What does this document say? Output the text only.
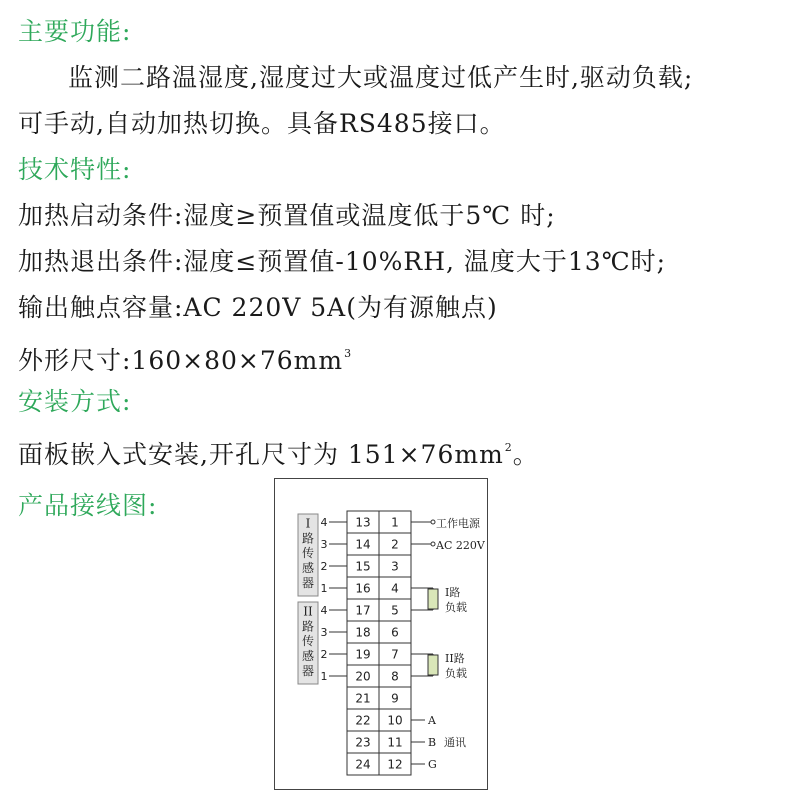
主要功能:
监测二路温湿度,湿度过大或温度过低产生时,驱动负载;
可手动,自动加热切换。具备RS485接口。
技术特性:
加热启动条件:湿度≥预置值或温度低于5℃ 时;
加热退出条件:湿度≤预置值-10%RH, 温度大于13℃时;
输出触点容量:AC 220V 5A(为有源触点)
外形尺寸$:160\times 80\times 76mm^3$
安装方式:
面板嵌入式安装,开孔尺寸为 $151\times 76mm^2$。
产品接线图:
13 1
14 2
15 3
16 4
17 5
18 6
19 7
20 8
21 9
22 10
23 11
24 12
I
路
传
感
器
4
3
2
1
II
路
传
感
器
4
3
2
1
工作电源
AC 220V
I路
负载
II路
负载
A
B
G
通讯
